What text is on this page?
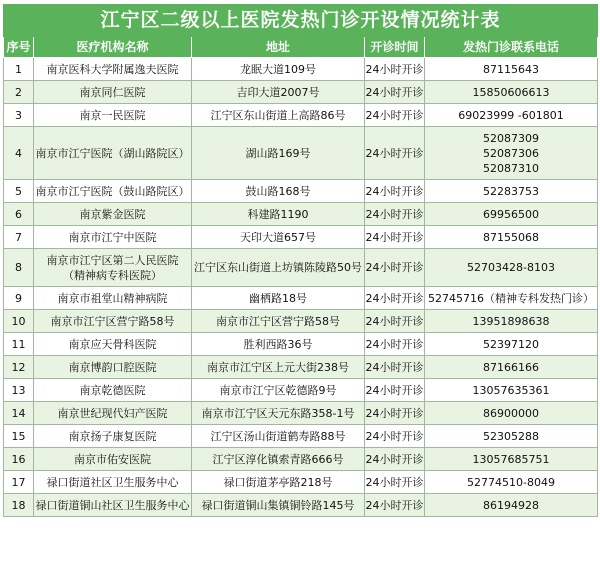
江宁区二级以上医院发热门诊开设情况统计表				
序号	医疗机构名称	地址	开诊时间	发热门诊联系电话
1	南京医科大学附属逸夫医院	龙眠大道109号	24小时开诊	87115643

2	南京同仁医院	吉印大道2007号	24小时开诊	15850606613

3	南京一民医院	江宁区东山街道上高路86号	24小时开诊	69023999 -601801

4	南京市江宁医院（湖山路院区）	湖山路169号	24小时开诊	52087309
52087306
52087310

5	南京市江宁医院（鼓山路院区）	鼓山路168号	24小时开诊	52283753

6	南京紫金医院	科建路1190	24小时开诊	69956500

7	南京市江宁中医院	天印大道657号	24小时开诊	87155068

8	南京市江宁区第二人民医院
（精神病专科医院）	江宁区东山街道上坊镇陈陵路50号	24小时开诊	52703428-8103

9	南京市祖堂山精神病院	幽栖路18号	24小时开诊	52745716（精神专科发热门诊）

10	南京市江宁区营宁路58号	南京市江宁区营宁路58号	24小时开诊	13951898638

11	南京应天骨科医院	胜利西路36号	24小时开诊	52397120

12	南京博韵口腔医院	南京市江宁区上元大街238号	24小时开诊	87166166

13	南京乾德医院	南京市江宁区乾德路9号	24小时开诊	13057635361

14	南京世纪现代妇产医院	南京市江宁区天元东路358-1号	24小时开诊	86900000

15	南京扬子康复医院	江宁区汤山街道鹤寿路88号	24小时开诊	52305288

16	南京市佑安医院	江宁区淳化镇索青路666号	24小时开诊	13057685751

17	禄口街道社区卫生服务中心	禄口街道茅亭路218号	24小时开诊	52774510-8049

18	禄口街道铜山社区卫生服务中心	禄口街道铜山集镇铜铃路145号	24小时开诊	86194928
